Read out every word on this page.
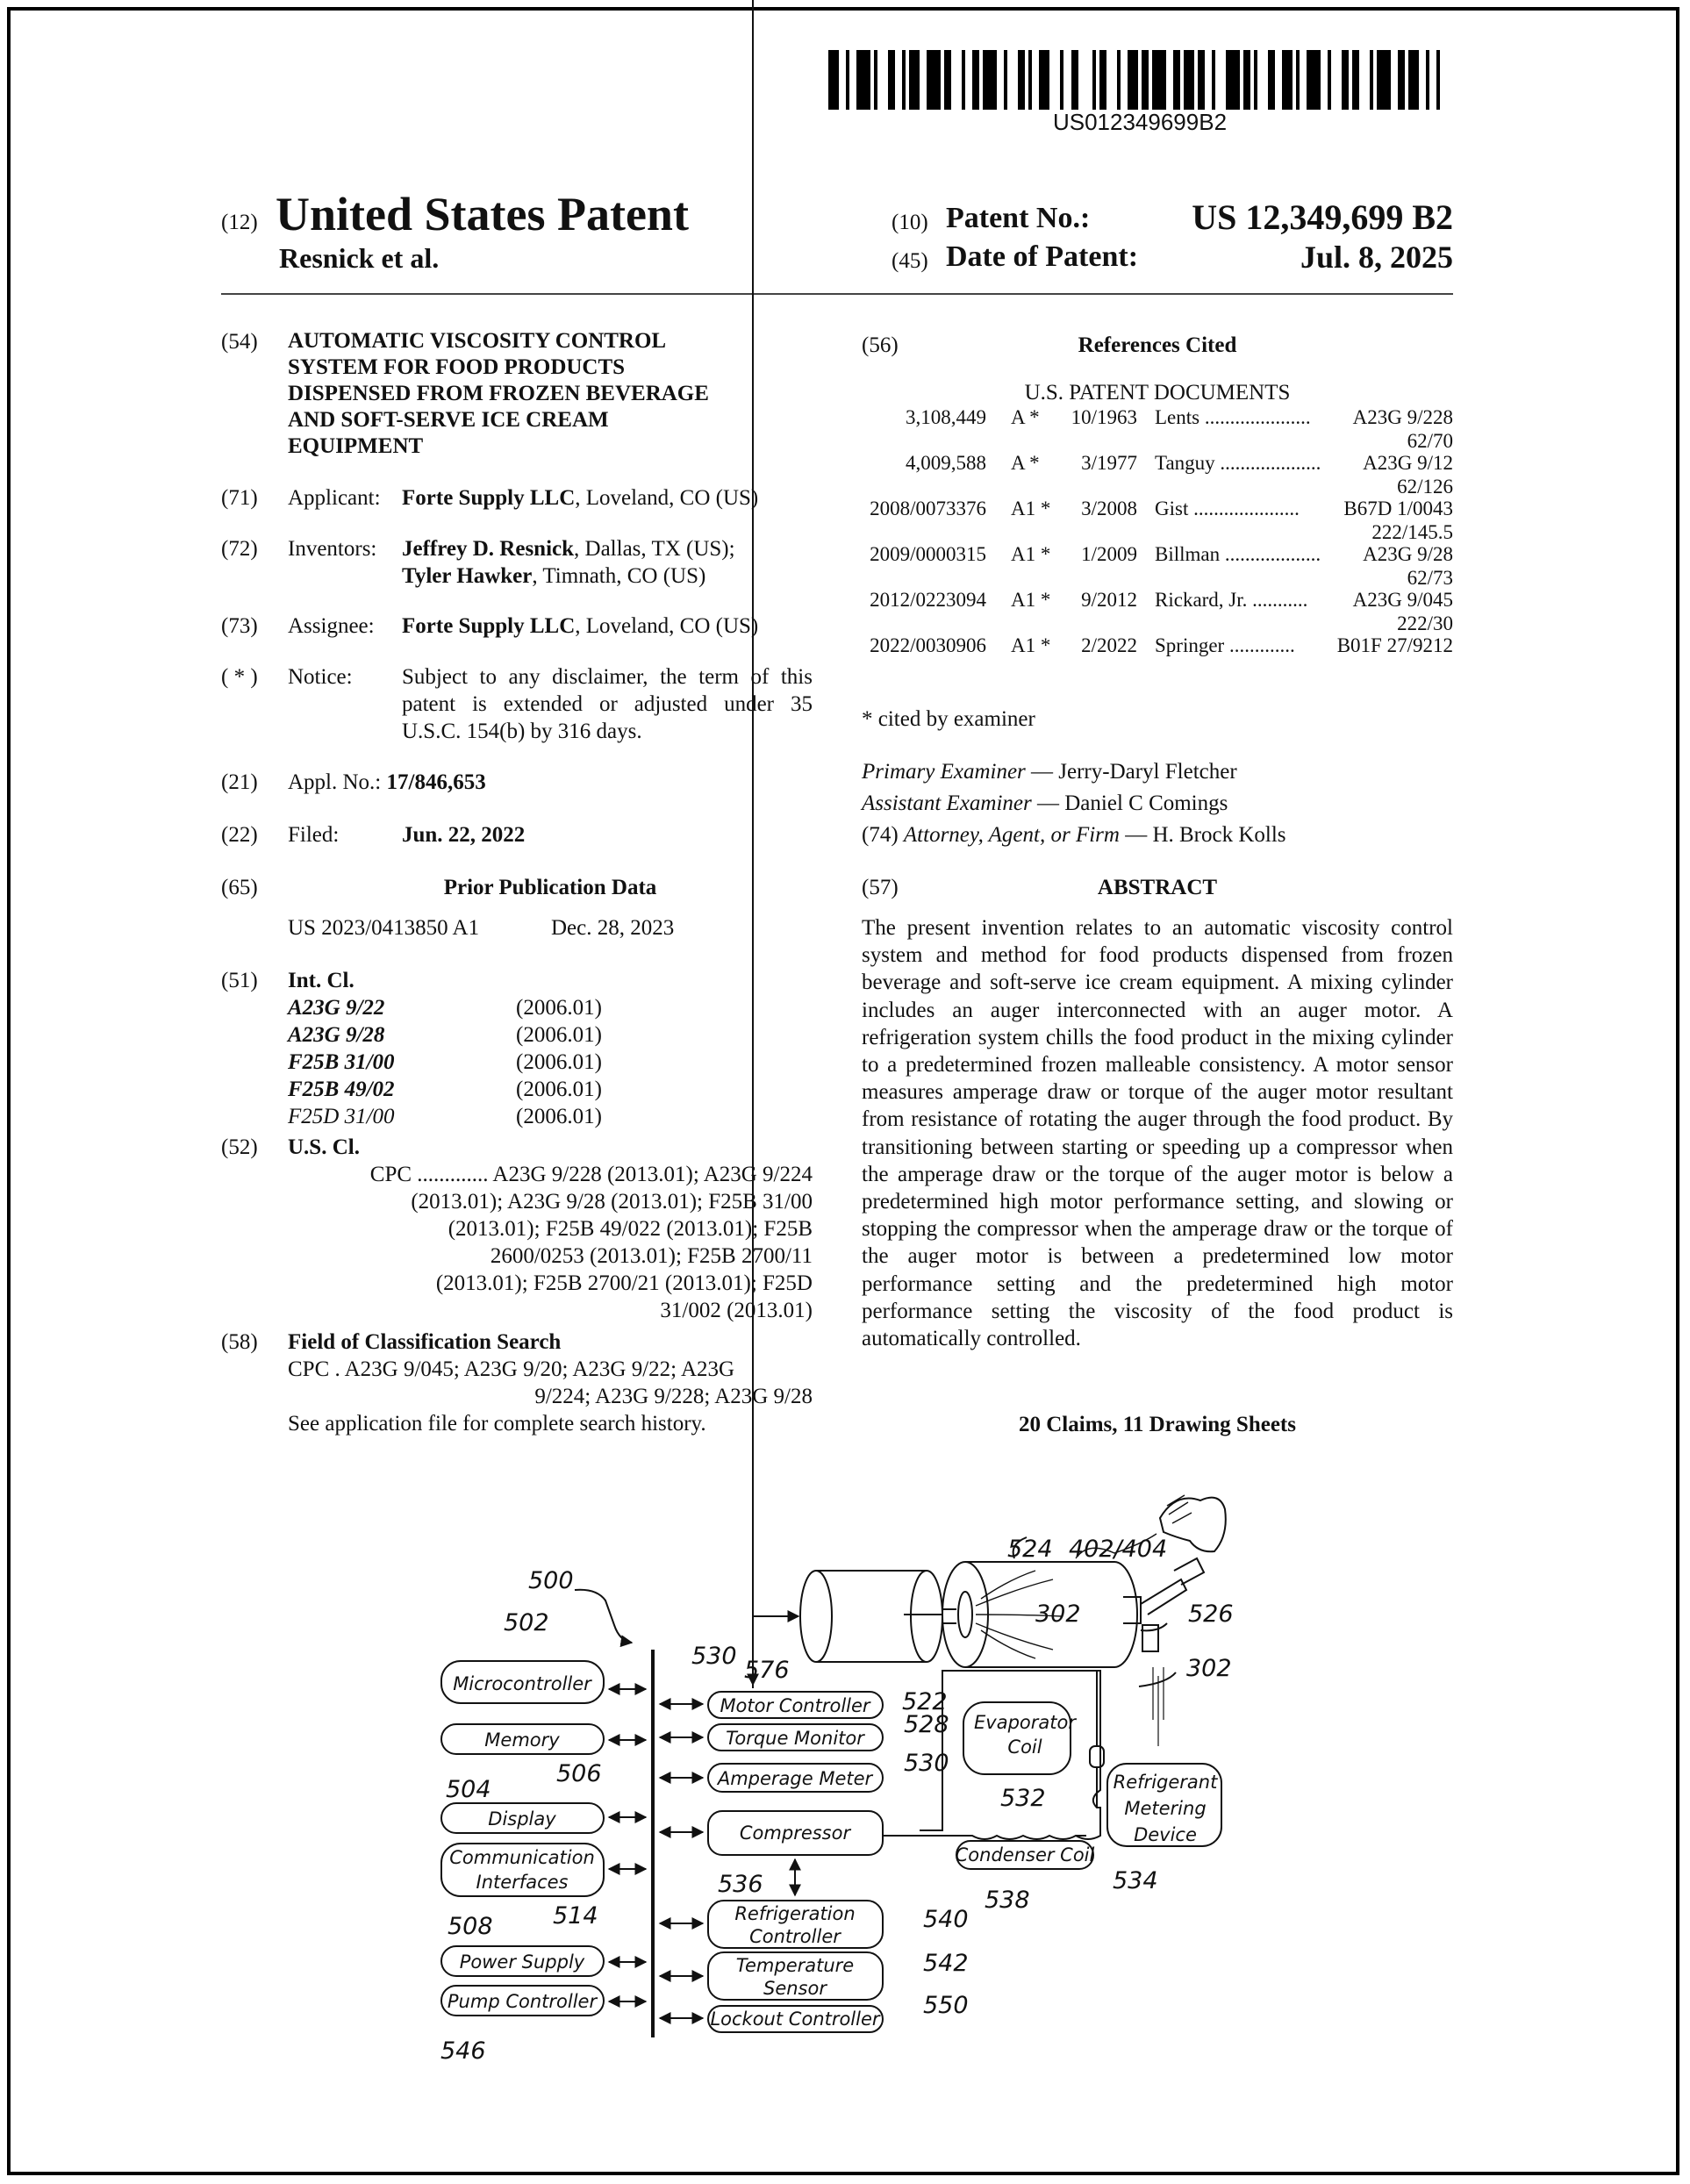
US012349699B2
(12) United States Patent
Resnick et al.
(10) Patent No.:	US 12,349,699 B2
(45) Date of Patent:	Jul. 8, 2025
(54) AUTOMATIC VISCOSITY CONTROL
SYSTEM FOR FOOD PRODUCTS
DISPENSED FROM FROZEN BEVERAGE
AND SOFT-SERVE ICE CREAM
EQUIPMENT
(71) Applicant: Forte Supply LLC, Loveland, CO (US)
(72) Inventors: Jeffrey D. Resnick, Dallas, TX (US);
Tyler Hawker, Timnath, CO (US)
(73) Assignee: Forte Supply LLC, Loveland, CO (US)
( * ) Notice: Subject to any disclaimer, the term of this
patent is extended or adjusted under 35
U.S.C. 154(b) by 316 days.
(21) Appl. No.: 17/846,653
(22) Filed:	Jun. 22, 2022
(65)	Prior Publication Data
US 2023/0413850 A1	Dec. 28, 2023
(51) Int. Cl.
A23G 9/22	(2006.01)
A23G 9/28	(2006.01)
F25B 31/00	(2006.01)
F25B 49/02	(2006.01)
F25D 31/00	(2006.01)
(52) U.S. Cl.
CPC ............. A23G 9/228 (2013.01); A23G 9/224
(2013.01); A23G 9/28 (2013.01); F25B 31/00
(2013.01); F25B 49/022 (2013.01); F25B
2600/0253 (2013.01); F25B 2700/11
(2013.01); F25B 2700/21 (2013.01); F25D
31/002 (2013.01)
(58) Field of Classification Search
CPC . A23G 9/045; A23G 9/20; A23G 9/22; A23G
9/224; A23G 9/228; A23G 9/28
See application file for complete search history.
(56)	References Cited
U.S. PATENT DOCUMENTS
3,108,449 A * 10/1963 Lents ..................... A23G 9/228
62/70
4,009,588 A *	3/1977 Tanguy .................... A23G 9/12
62/126
2008/0073376 A1 *	3/2008 Gist ..................... B67D 1/0043
222/145.5
2009/0000315 A1 *	1/2009 Billman ................... A23G 9/28
62/73
2012/0223094 A1 *	9/2012 Rickard, Jr. ........... A23G 9/045
222/30
2022/0030906 A1 *	2/2022 Springer .............	B01F 27/9212
* cited by examiner
Primary Examiner — Jerry-Daryl Fletcher
Assistant Examiner — Daniel C Comings
(74) Attorney, Agent, or Firm — H. Brock Kolls
(57)	ABSTRACT
The present invention relates to an automatic viscosity control system and method for food products dispensed from frozen beverage and soft-serve ice cream equipment. A mixing cylinder includes an auger interconnected with an auger motor. A refrigeration system chills the food product in the mixing cylinder to a predetermined frozen malleable consistency. A motor sensor measures amperage draw or torque of the auger motor resultant from resistance of rotating the auger through the food product. By transitioning between starting or speeding up a compressor when the amperage draw or the torque of the auger motor is below a predetermined high motor performance setting, and slowing or stopping the compressor when the amperage draw or the torque of the auger motor is between a predetermined low motor performance setting and the predetermined high motor performance setting the viscosity of the food product is automatically controlled.
20 Claims, 11 Drawing Sheets
Microcontroller
Memory
Display
Communication
Interfaces
Power Supply
Pump Controller
Motor Controller
Torque Monitor
Amperage Meter
Compressor
Refrigeration
Controller
Temperature
Sensor
Lockout Controller
Evaporator
Coil
Condenser Coil
Refrigerant
Metering
Device
500
502
504
506
508	514
546
530
576
522
528
530
536
540
542
550
524 402/404
302	526
302
532
538
534
